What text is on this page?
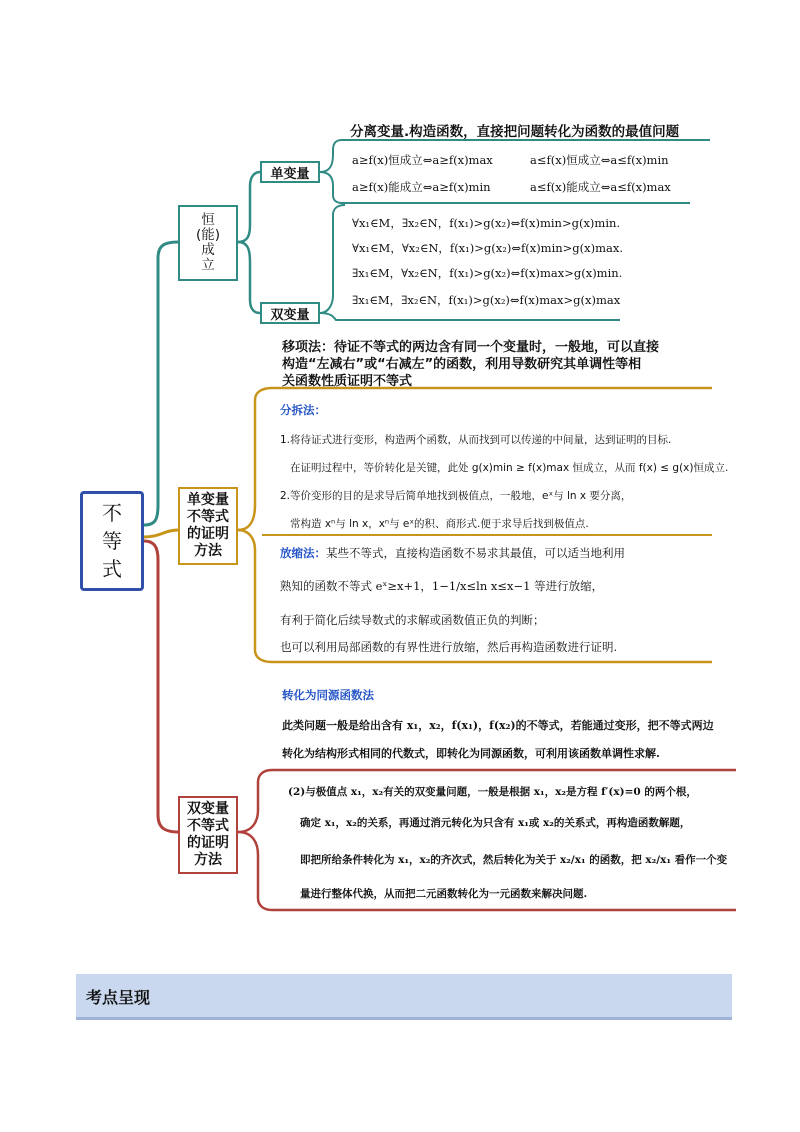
不
等
式
恒
(能)
成
立
单变量
双变量
单变量
不等式
的证明
方法
双变量
不等式
的证明
方法
分离变量.构造函数，直接把问题转化为函数的最值问题
a≥f(x)恒成立⇔a≥f(x)max	a≤f(x)恒成立⇔a≤f(x)min
a≥f(x)能成立⇔a≥f(x)min	a≤f(x)能成立⇔a≤f(x)max
∀x₁∈M，∃x₂∈N，f(x₁)>g(x₂)⇔f(x)min>g(x)min.
∀x₁∈M，∀x₂∈N，f(x₁)>g(x₂)⇔f(x)min>g(x)max.
∃x₁∈M，∀x₂∈N，f(x₁)>g(x₂)⇔f(x)max>g(x)min.
∃x₁∈M，∃x₂∈N，f(x₁)>g(x₂)⇔f(x)max>g(x)max
移项法：待证不等式的两边含有同一个变量时，一般地，可以直接
构造“左减右”或“右减左”的函数，利用导数研究其单调性等相
关函数性质证明不等式
分拆法：
1.将待证式进行变形，构造两个函数，从而找到可以传递的中间量，达到证明的目标.
在证明过程中，等价转化是关键，此处 g(x)min ≥ f(x)max 恒成立，从而 f(x) ≤ g(x)恒成立.
2.等价变形的目的是求导后简单地找到极值点，一般地，eˣ与 ln x 要分离，
常构造 xⁿ与 ln x，xⁿ与 eˣ的积、商形式.便于求导后找到极值点.
放缩法：某些不等式，直接构造函数不易求其最值，可以适当地利用
熟知的函数不等式 eˣ≥x+1，1−1/x≤ln x≤x−1 等进行放缩，
有利于简化后续导数式的求解或函数值正负的判断；
也可以利用局部函数的有界性进行放缩，然后再构造函数进行证明.
转化为同源函数法
此类问题一般是给出含有 x₁，x₂，f(x₁)，f(x₂)的不等式，若能通过变形，把不等式两边
转化为结构形式相同的代数式，即转化为同源函数，可利用该函数单调性求解.
(2)与极值点 x₁，x₂有关的双变量问题，一般是根据 x₁，x₂是方程 f′(x)=0 的两个根，
确定 x₁，x₂的关系，再通过消元转化为只含有 x₁或 x₂的关系式，再构造函数解题，
即把所给条件转化为 x₁，x₂的齐次式，然后转化为关于 x₂/x₁ 的函数，把 x₂/x₁ 看作一个变
量进行整体代换，从而把二元函数转化为一元函数来解决问题.
考点呈现
